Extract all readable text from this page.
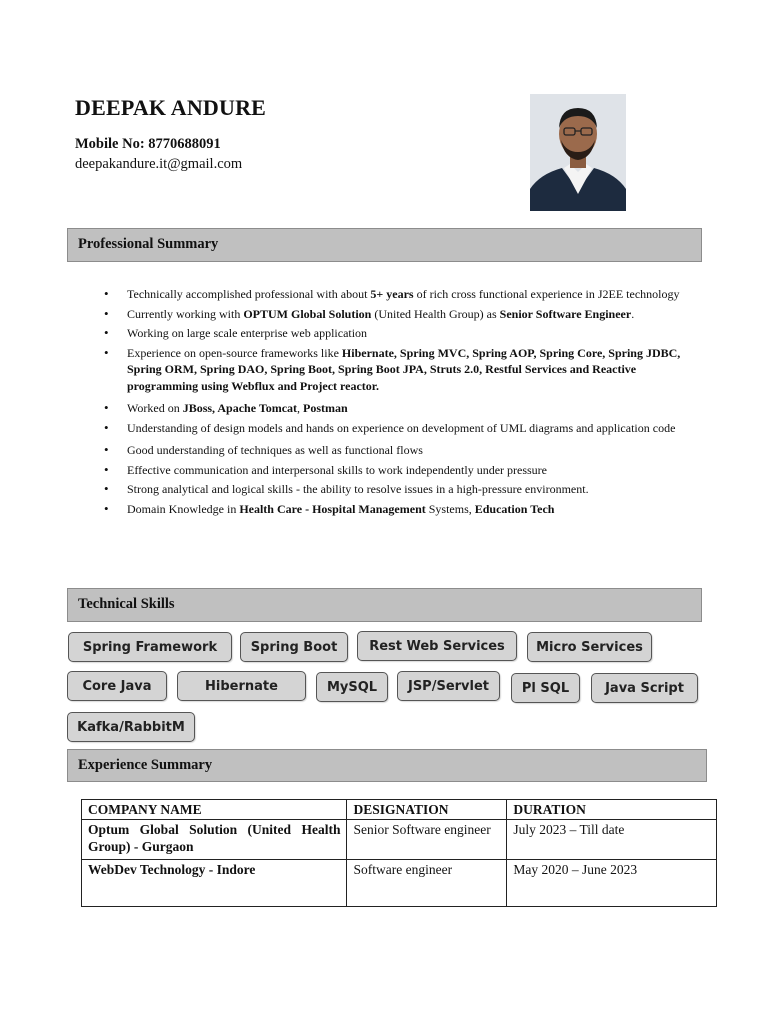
DEEPAK ANDURE
Mobile No: 8770688091
deepakandure.it@gmail.com
Professional Summary
• Technically accomplished professional with about 5+ years of rich cross functional experience in J2EE technology
• Currently working with OPTUM Global Solution (United Health Group) as Senior Software Engineer.
• Working on large scale enterprise web application
• Experience on open-source frameworks like Hibernate, Spring MVC, Spring AOP, Spring Core, Spring JDBC, Spring ORM, Spring DAO, Spring Boot, Spring Boot JPA, Struts 2.0, Restful Services and Reactive programming using Webflux and Project reactor.
• Worked on JBoss, Apache Tomcat, Postman
• Understanding of design models and hands on experience on development of UML diagrams and application code
• Good understanding of techniques as well as functional flows
• Effective communication and interpersonal skills to work independently under pressure
• Strong analytical and logical skills - the ability to resolve issues in a high-pressure environment.
• Domain Knowledge in Health Care - Hospital Management Systems, Education Tech
Technical Skills
Spring Framework	Spring Boot	Rest Web Services	Micro Services
Core Java	Hibernate	MySQL	JSP/Servlet	Pl SQL	Java Script
Kafka/RabbitM
Experience Summary
COMPANY NAME	DESIGNATION	DURATION
Optum Global Solution (United Health Group) - Gurgaon	Senior Software engineer	July 2023 – Till date
WebDev Technology - Indore	Software engineer	May 2020 – June 2023
